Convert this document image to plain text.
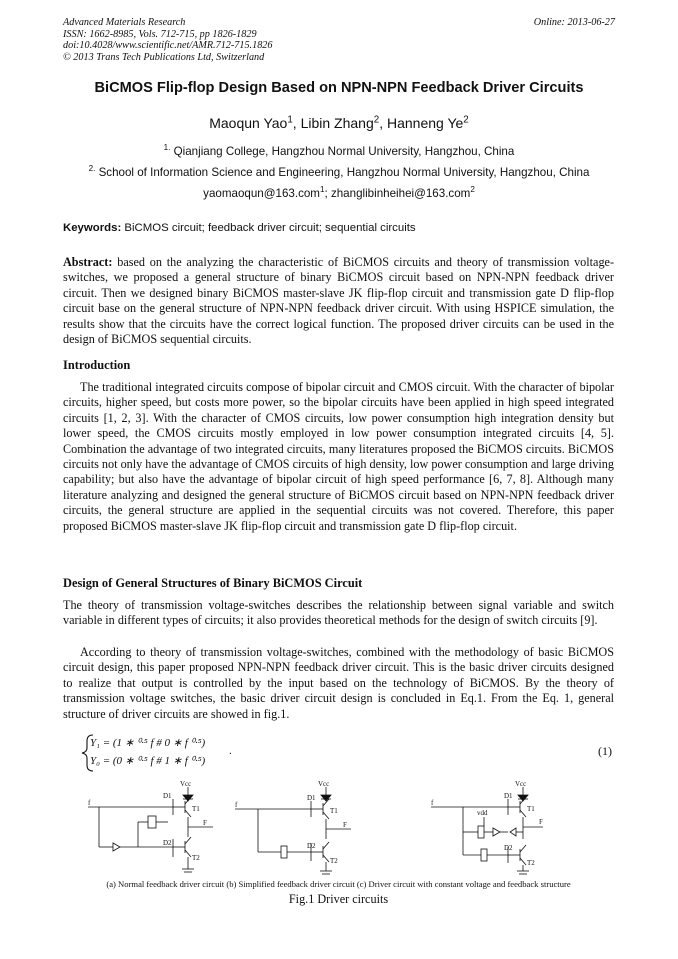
Advanced Materials Research
ISSN: 1662-8985, Vols. 712-715, pp 1826-1829
doi:10.4028/www.scientific.net/AMR.712-715.1826
© 2013 Trans Tech Publications Ltd, Switzerland
Online: 2013-06-27
BiCMOS Flip-flop Design Based on NPN-NPN Feedback Driver Circuits
Maoqun Yao$^1$, Libin Zhang$^2$, Hanneng Ye$^2$
$^{1.}$ Qianjiang College, Hangzhou Normal University, Hangzhou, China
$^{2.}$ School of Information Science and Engineering, Hangzhou Normal University, Hangzhou, China
yaomaoqun@163.com$^1$; zhanglibinheihei@163.com$^2$
Keywords: BiCMOS circuit; feedback driver circuit; sequential circuits
Abstract: based on the analyzing the characteristic of BiCMOS circuits and theory of transmission voltage-switches, we proposed a general structure of binary BiCMOS circuit based on NPN-NPN feedback driver circuit. Then we designed binary BiCMOS master-slave JK flip-flop circuit and transmission gate D flip-flop circuit base on the general structure of NPN-NPN feedback driver circuit. With using HSPICE simulation, the results show that the circuits have the correct logical function. The proposed driver circuits can be used in the design of BiCMOS sequential circuits.
Introduction
The traditional integrated circuits compose of bipolar circuit and CMOS circuit. With the character of bipolar circuits, higher speed, but costs more power, so the bipolar circuits have been applied in high speed integrated circuits [1, 2, 3]. With the character of CMOS circuits, low power consumption high integration density but lower speed, the CMOS circuits mostly employed in low power consumption integrated circuits [4, 5]. Combination the advantage of two integrated circuits, many literatures proposed the BiCMOS circuits. BiCMOS circuits not only have the advantage of CMOS circuits of high density, low power consumption and large driving capability; but also have the advantage of bipolar circuit of high speed performance [6, 7, 8]. Although many literature analyzing and designed the general structure of BiCMOS circuit based on NPN-NPN feedback driver circuits, the general structure are applied in the sequential circuits was not covered. Therefore, this paper proposed BiCMOS master-slave JK flip-flop circuit and transmission gate D flip-flop circuit.
Design of General Structures of Binary BiCMOS Circuit
The theory of transmission voltage-switches describes the relationship between signal variable and switch variable in different types of circuits; it also provides theoretical methods for the design of switch circuits [9].
According to theory of transmission voltage-switches, combined with the methodology of basic BiCMOS circuit design, this paper proposed NPN-NPN feedback driver circuit. This is the basic driver circuits designed to realize that output is controlled by the input based on the technology of BiCMOS. By the theory of transmission voltage switches, the basic driver circuit design is concluded in Eq.1. From the Eq. 1, general structure of driver circuits are showed in fig.1.
Y₁ = (1 ∗ ⁰·⁵ f # 0 ∗ f ⁰·⁵)
Y₀ = (0 ∗ ⁰·⁵ f # 1 ∗ f ⁰·⁵)
.	(1)
f
Vcc
D1
T1
F
D2
T2
f
Vcc
D1
T1
F
D2
T2
f
Vcc
vdd
D1
T1
F
D2
T2
(a) Normal feedback driver circuit (b) Simplified feedback driver circuit (c) Driver circuit with constant voltage and feedback structure
Fig.1 Driver circuits
